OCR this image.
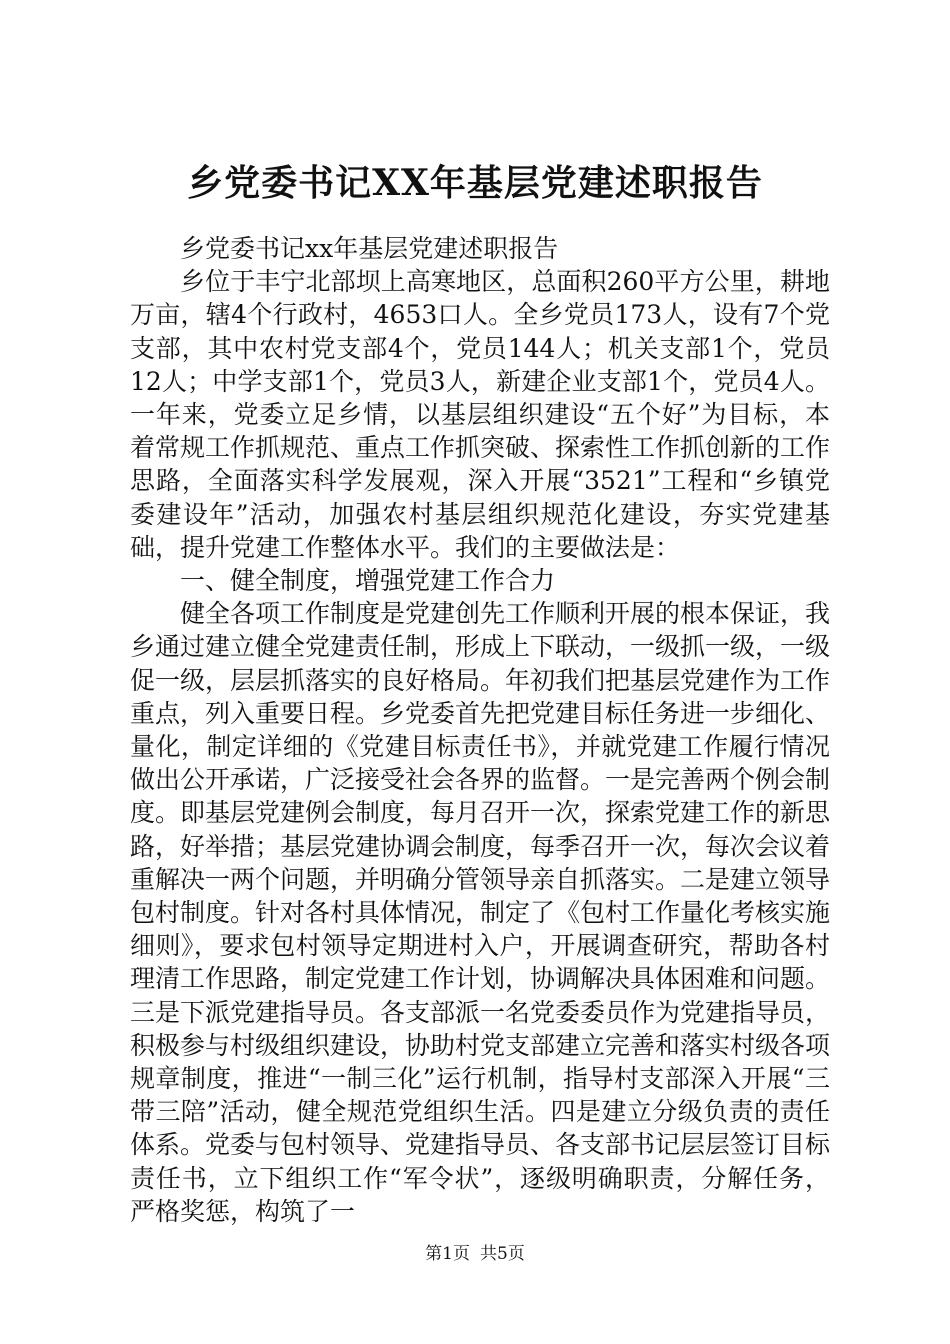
乡党委书记XX年基层党建述职报告

乡党委书记xx年基层党建述职报告

乡位于丰宁北部坝上高寒地区，总面积260平方公里，耕地万亩，辖4个行政村，4653口人。全乡党员173人，设有7个党支部，其中农村党支部4个，党员144人；机关支部1个，党员12人；中学支部1个，党员3人，新建企业支部1个，党员4人。一年来，党委立足乡情，以基层组织建设“五个好”为目标，本着常规工作抓规范、重点工作抓突破、探索性工作抓创新的工作思路，全面落实科学发展观，深入开展“3521”工程和“乡镇党委建设年”活动，加强农村基层组织规范化建设，夯实党建基础，提升党建工作整体水平。我们的主要做法是：

一、健全制度，增强党建工作合力

健全各项工作制度是党建创先工作顺利开展的根本保证，我乡通过建立健全党建责任制，形成上下联动，一级抓一级，一级促一级，层层抓落实的良好格局。年初我们把基层党建作为工作重点，列入重要日程。乡党委首先把党建目标任务进一步细化、量化，制定详细的《党建目标责任书》，并就党建工作履行情况做出公开承诺，广泛接受社会各界的监督。一是完善两个例会制度。即基层党建例会制度，每月召开一次，探索党建工作的新思路，好举措；基层党建协调会制度，每季召开一次，每次会议着重解决一两个问题，并明确分管领导亲自抓落实。二是建立领导包村制度。针对各村具体情况，制定了《包村工作量化考核实施细则》，要求包村领导定期进村入户，开展调查研究，帮助各村理清工作思路，制定党建工作计划，协调解决具体困难和问题。三是下派党建指导员。各支部派一名党委委员作为党建指导员，积极参与村级组织建设，协助村党支部建立完善和落实村级各项规章制度，推进“一制三化”运行机制，指导村支部深入开展“三带三陪”活动，健全规范党组织生活。四是建立分级负责的责任体系。党委与包村领导、党建指导员、各支部书记层层签订目标责任书，立下组织工作“军令状”，逐级明确职责，分解任务，严格奖惩，构筑了一

第1页 共5页
